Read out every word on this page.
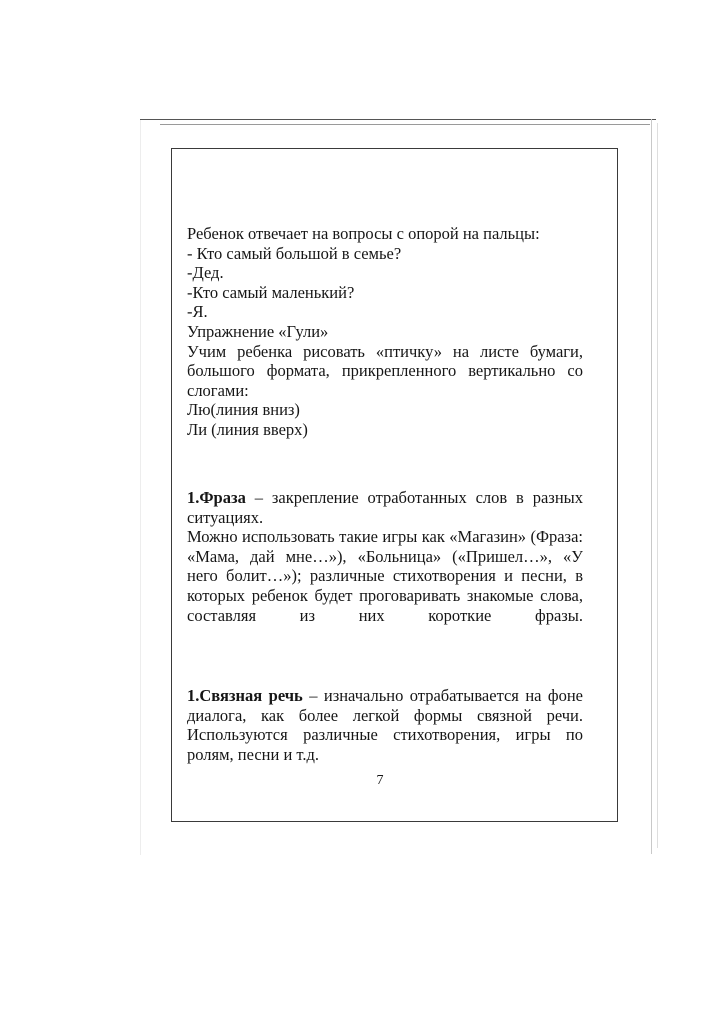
Ребенок отвечает на вопросы с опорой на пальцы:

- Кто самый большой в семье?

-Дед.

-Кто самый маленький?

-Я.

Упражнение «Гули»

Учим ребенка рисовать «птичку» на листе бумаги, большого формата, прикрепленного вертикально со слогами:

Лю(линия вниз)

Ли (линия вверх)

1.Фраза – закрепление отработанных слов в разных ситуациях.

Можно использовать такие игры как «Магазин» (Фраза: «Мама, дай мне…»), «Больница» («Пришел…», «У него болит…»); различные стихотворения и песни, в которых ребенок будет проговаривать знакомые слова, составляя из них короткие фразы.

1.Связная речь – изначально отрабатывается на фоне диалога, как более легкой формы связной речи. Используются различные стихотворения, игры по ролям, песни и т.д.

7
